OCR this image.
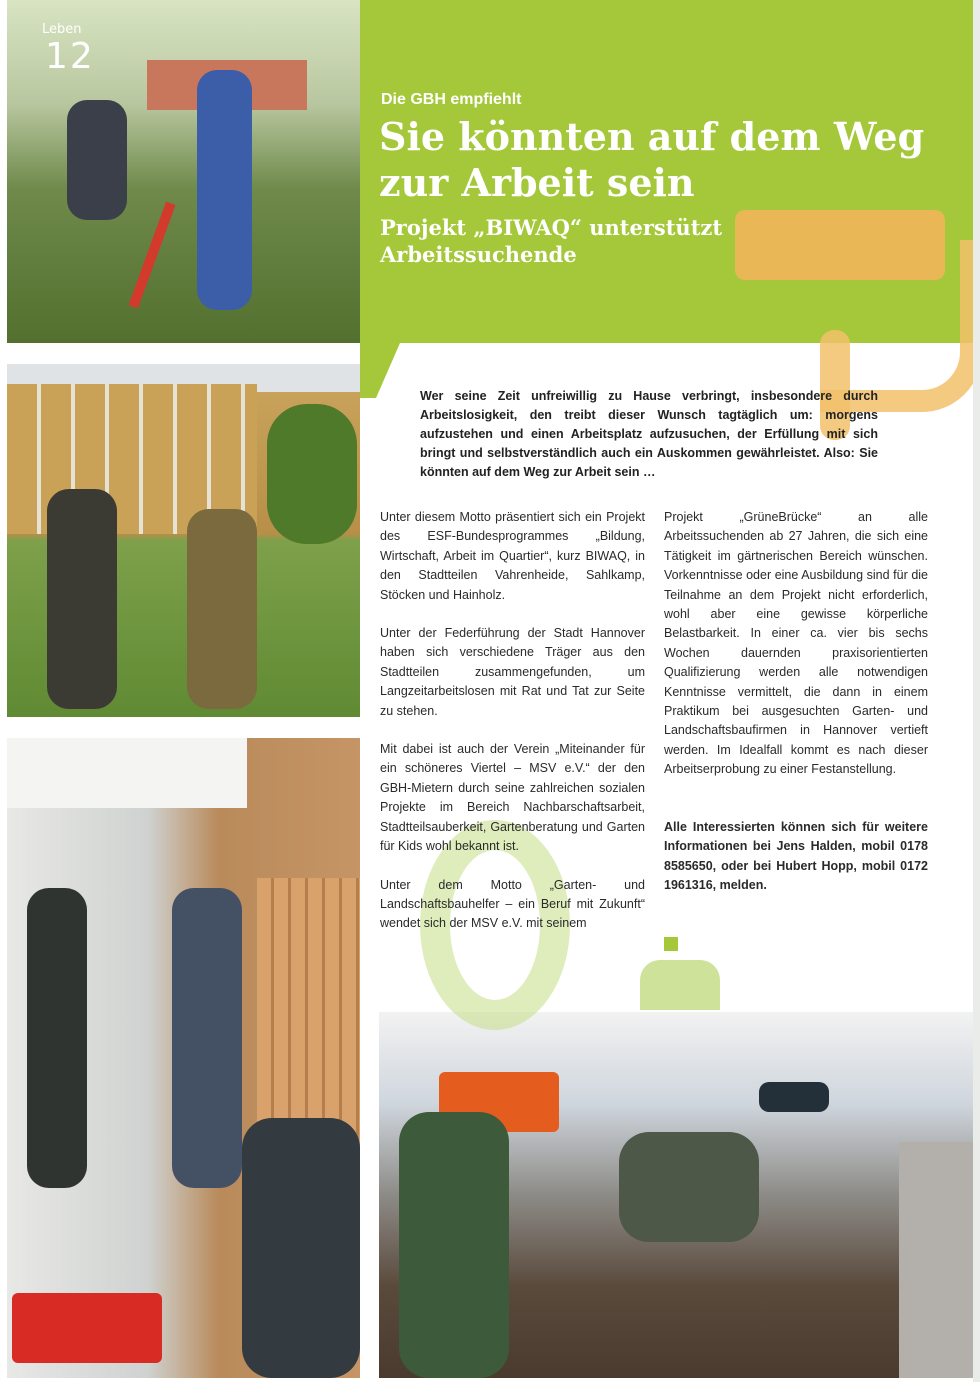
Leben
12
Die GBH empfiehlt
Sie könnten auf dem Weg zur Arbeit sein
Projekt „BIWAQ“ unterstützt Arbeitssuchende

Wer seine Zeit unfreiwillig zu Hause verbringt, insbesondere durch Arbeitslosigkeit, den treibt dieser Wunsch tagtäglich um: morgens aufzustehen und einen Arbeitsplatz aufzusuchen, der Erfüllung mit sich bringt und selbstverständlich auch ein Auskommen gewährleistet. Also: Sie könnten auf dem Weg zur Arbeit sein …

Unter diesem Motto präsentiert sich ein Projekt des ESF-Bundesprogrammes „Bildung, Wirtschaft, Arbeit im Quartier“, kurz BIWAQ, in den Stadtteilen Vahrenheide, Sahlkamp, Stöcken und Hainholz.

Unter der Federführung der Stadt Hannover haben sich verschiedene Träger aus den Stadtteilen zusammengefunden, um Langzeitarbeitslosen mit Rat und Tat zur Seite zu stehen.

Mit dabei ist auch der Verein „Miteinander für ein schöneres Viertel – MSV e.V.“ der den GBH-Mietern durch seine zahlreichen sozialen Projekte im Bereich Nachbarschaftsarbeit, Stadtteilsauberkeit, Gartenberatung und Garten für Kids wohl bekannt ist.

Unter dem Motto „Garten- und Landschaftsbauhelfer – ein Beruf mit Zukunft“ wendet sich der MSV e.V. mit seinem

Projekt „GrüneBrücke“ an alle Arbeitssuchenden ab 27 Jahren, die sich eine Tätigkeit im gärtnerischen Bereich wünschen. Vorkenntnisse oder eine Ausbildung sind für die Teilnahme an dem Projekt nicht erforderlich, wohl aber eine gewisse körperliche Belastbarkeit. In einer ca. vier bis sechs Wochen dauernden praxisorientierten Qualifizierung werden alle notwendigen Kenntnisse vermittelt, die dann in einem Praktikum bei ausgesuchten Garten- und Landschaftsbaufirmen in Hannover vertieft werden. Im Idealfall kommt es nach dieser Arbeitserprobung zu einer Festanstellung.

Alle Interessierten können sich für weitere Informationen bei Jens Halden, mobil 0178 8585650, oder bei Hubert Hopp, mobil 0172 1961316, melden.
